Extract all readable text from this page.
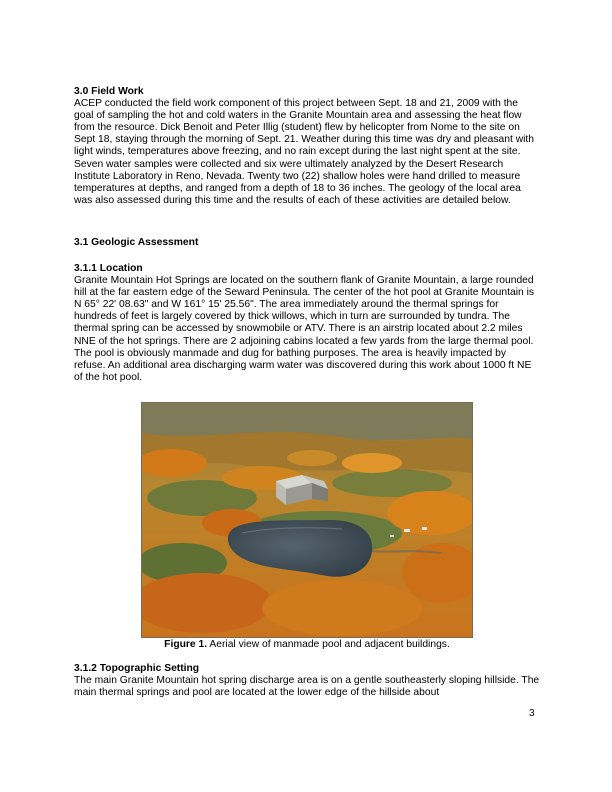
3.0 Field Work

ACEP conducted the field work component of this project between Sept. 18 and 21, 2009 with the goal of sampling the hot and cold waters in the Granite Mountain area and assessing the heat flow from the resource. Dick Benoit and Peter Illig (student) flew by helicopter from Nome to the site on Sept 18, staying through the morning of Sept. 21. Weather during this time was dry and pleasant with light winds, temperatures above freezing, and no rain except during the last night spent at the site. Seven water samples were collected and six were ultimately analyzed by the Desert Research Institute Laboratory in Reno, Nevada. Twenty two (22) shallow holes were hand drilled to measure temperatures at depths, and ranged from a depth of 18 to 36 inches. The geology of the local area was also assessed during this time and the results of each of these activities are detailed below.

3.1 Geologic Assessment
3.1.1 Location

Granite Mountain Hot Springs are located on the southern flank of Granite Mountain, a large rounded hill at the far eastern edge of the Seward Peninsula. The center of the hot pool at Granite Mountain is N 65° 22' 08.63" and W 161° 15' 25.56". The area immediately around the thermal springs for hundreds of feet is largely covered by thick willows, which in turn are surrounded by tundra. The thermal spring can be accessed by snowmobile or ATV. There is an airstrip located about 2.2 miles NNE of the hot springs. There are 2 adjoining cabins located a few yards from the large thermal pool. The pool is obviously manmade and dug for bathing purposes. The area is heavily impacted by refuse. An additional area discharging warm water was discovered during this work about 1000 ft NE of the hot pool.

Figure 1. Aerial view of manmade pool and adjacent buildings.
3.1.2 Topographic Setting

The main Granite Mountain hot spring discharge area is on a gentle southeasterly sloping hillside. The main thermal springs and pool are located at the lower edge of the hillside about

3
